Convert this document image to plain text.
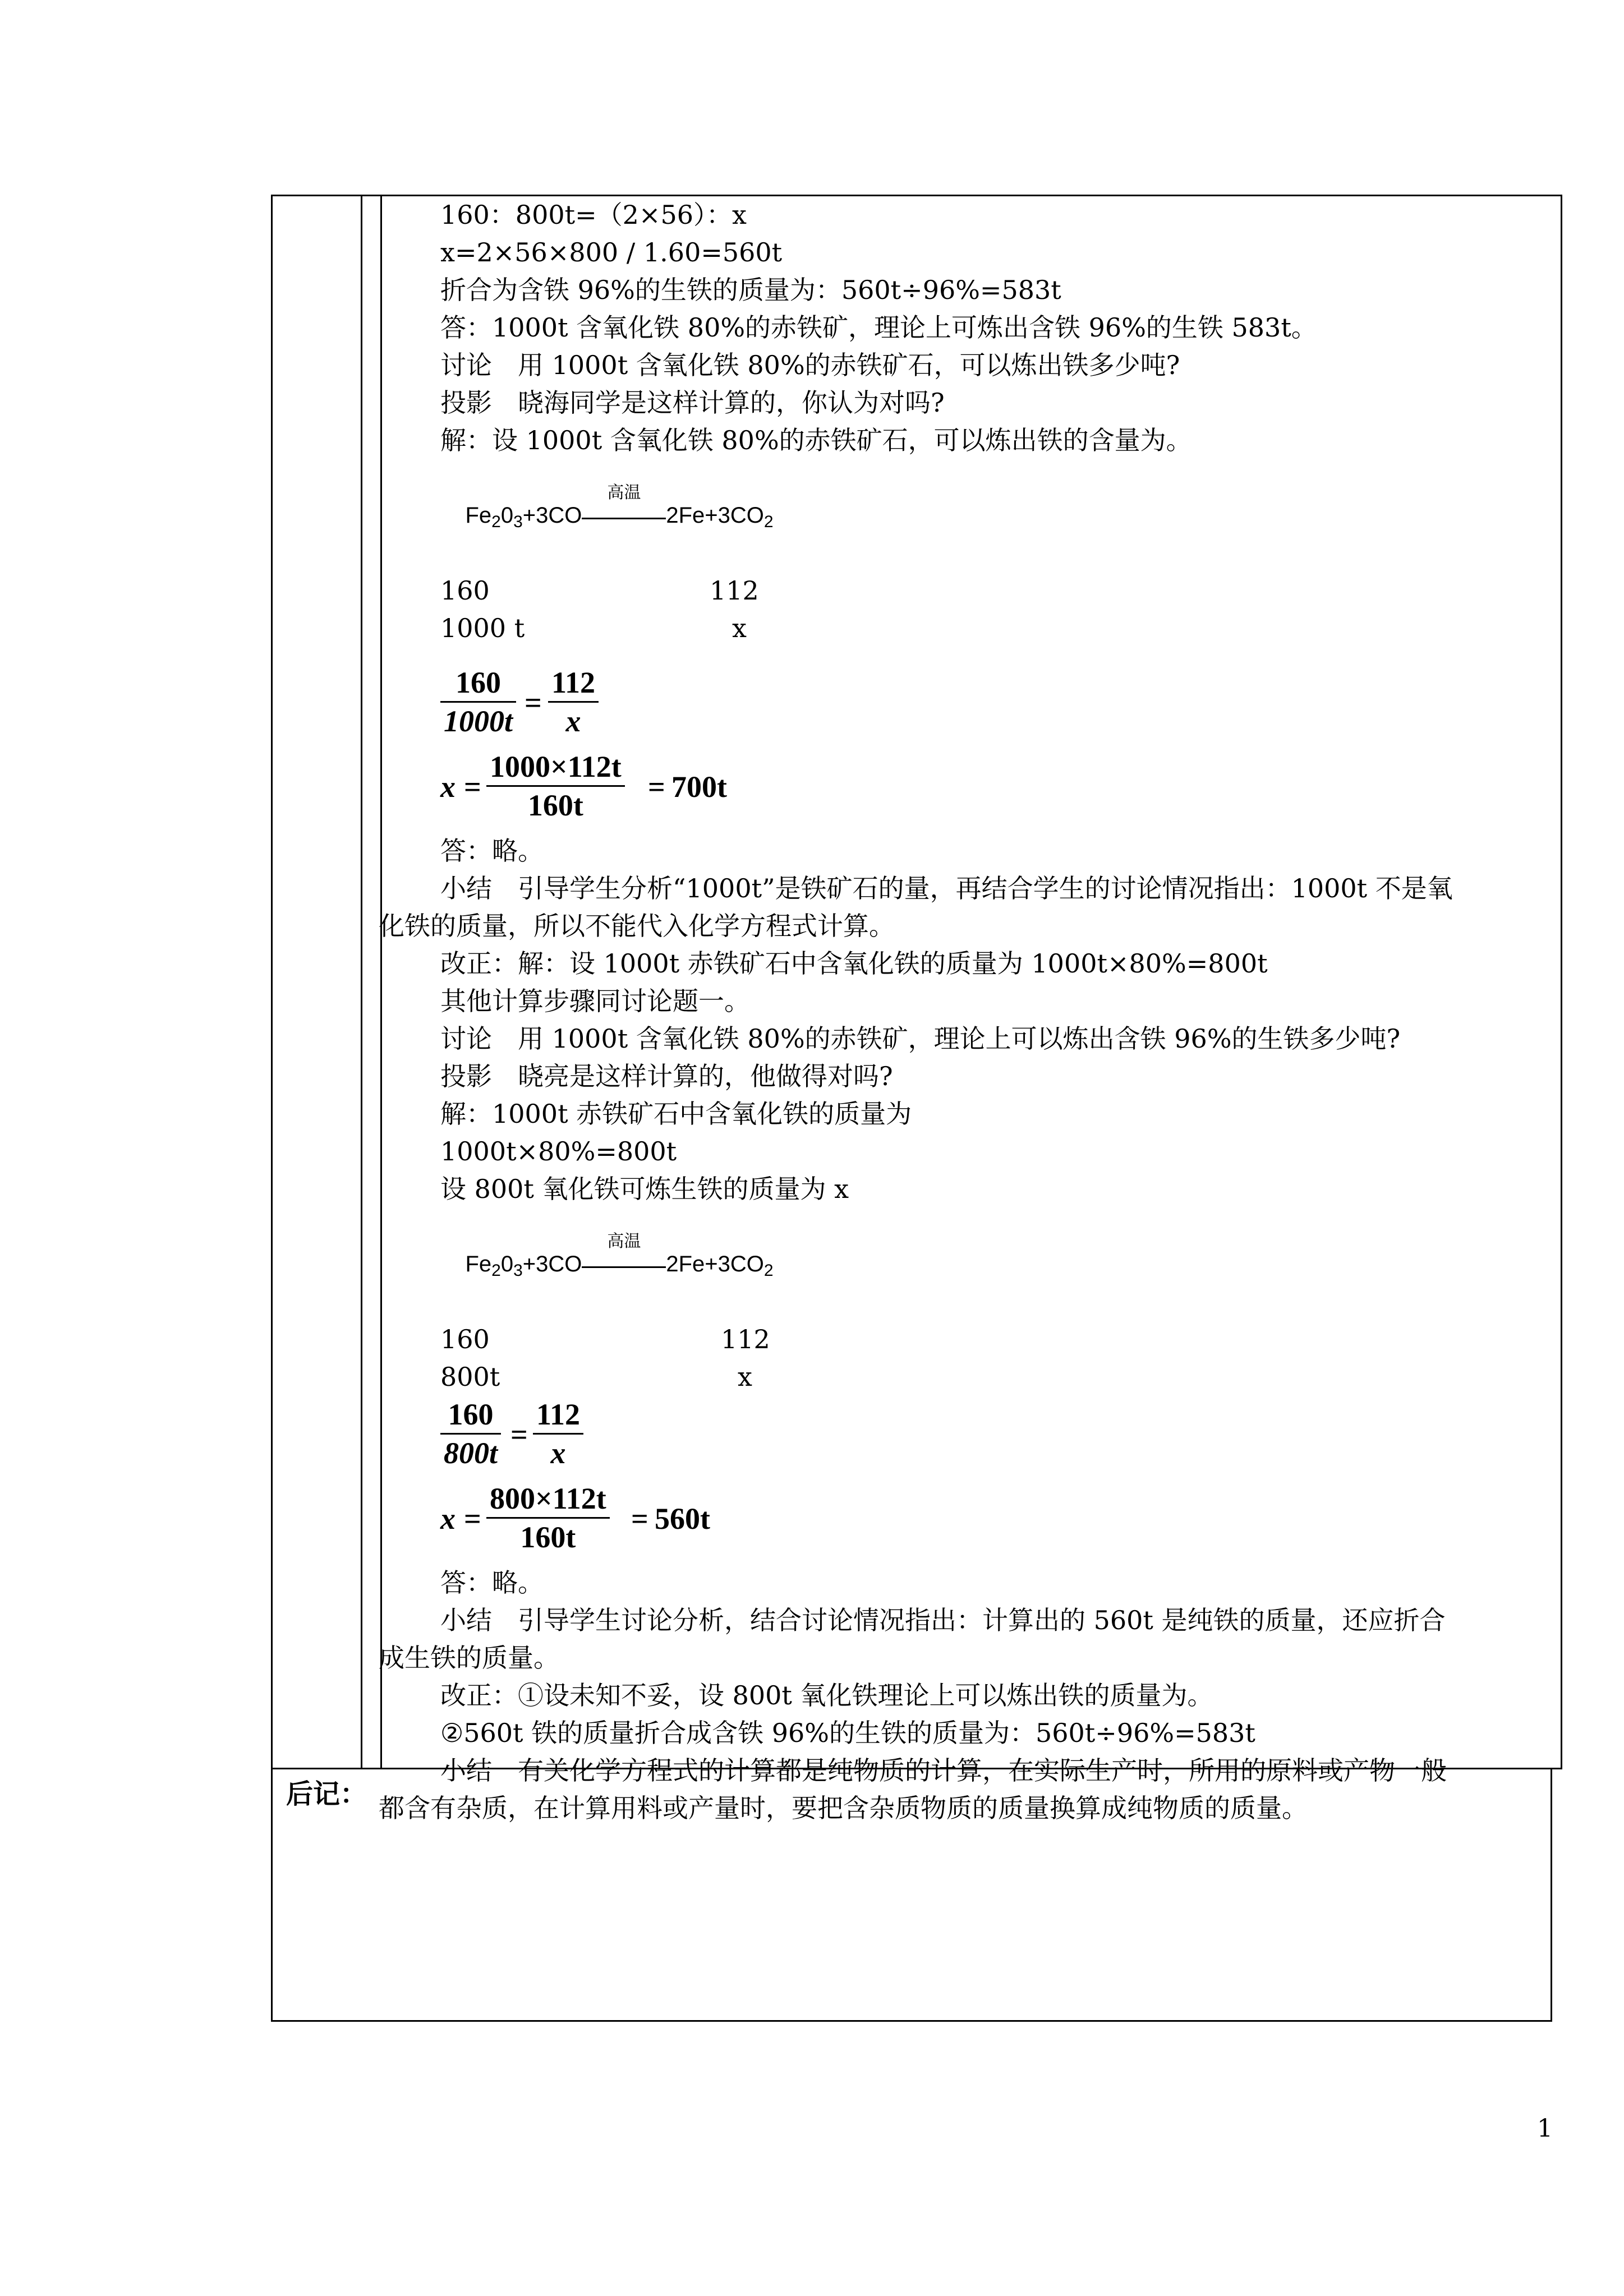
160：800t=（2×56）：x

x=2×56×800 / 1.60=560t

折合为含铁 96%的生铁的质量为：560t÷96%=583t

答：1000t 含氧化铁 80%的赤铁矿，理论上可炼出含铁 96%的生铁 583t。

讨论　用 1000t 含氧化铁 80%的赤铁矿石，可以炼出铁多少吨?

投影　晓海同学是这样计算的，你认为对吗?

解：设 1000t 含氧化铁 80%的赤铁矿石，可以炼出铁的含量为。

$Fe_20_3+3CO$
高温
$2Fe+3CO_2$

160	112
1000 t	x
160
1000t
=
112
x
x =
1000×112t
160t
= 700t

答：略。

小结　引导学生分析“1000t”是铁矿石的量，再结合学生的讨论情况指出：1000t 不是氧

化铁的质量，所以不能代入化学方程式计算。

改正：解：设 1000t 赤铁矿石中含氧化铁的质量为 1000t×80%=800t

其他计算步骤同讨论题一。

讨论　用 1000t 含氧化铁 80%的赤铁矿，理论上可以炼出含铁 96%的生铁多少吨?

投影　晓亮是这样计算的，他做得对吗?

解：1000t 赤铁矿石中含氧化铁的质量为

1000t×80%=800t

设 800t 氧化铁可炼生铁的质量为 x

$Fe_20_3+3CO$
高温
$2Fe+3CO_2$

160	112
800t	x
160
800t
=
112
x
x =
800×112t
160t
= 560t

答：略。

小结　引导学生讨论分析，结合讨论情况指出：计算出的 560t 是纯铁的质量，还应折合

成生铁的质量。

改正：①设未知不妥，设 800t 氧化铁理论上可以炼出铁的质量为。

②560t 铁的质量折合成含铁 96%的生铁的质量为：560t÷96%=583t

小结　有关化学方程式的计算都是纯物质的计算，在实际生产时，所用的原料或产物一般

都含有杂质，在计算用料或产量时，要把含杂质物质的质量换算成纯物质的质量。

后记：
1
